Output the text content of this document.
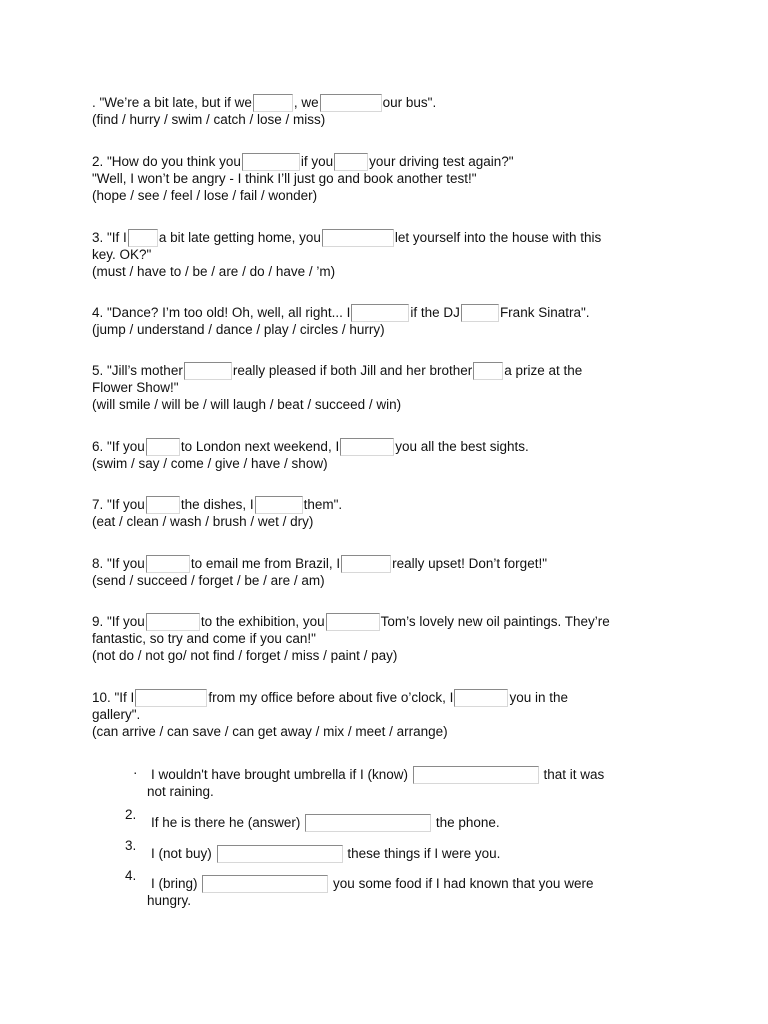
. "We’re a bit late, but if we	, we	our bus".
(find / hurry / swim / catch / lose / miss)
2. "How do you think you	if you	your driving test again?"
"Well, I won’t be angry - I think I’ll just go and book another test!"
(hope / see / feel / lose / fail / wonder)
3. "If I a bit late getting home, you	let yourself into the house with this
key. OK?"
(must / have to / be / are / do / have / ’m)
4. "Dance? I’m too old! Oh, well, all right... I	if the DJ	Frank Sinatra".
(jump / understand / dance / play / circles / hurry)
5. "Jill’s mother	really pleased if both Jill and her brother a prize at the
Flower Show!"
(will smile / will be / will laugh / beat / succeed / win)
6. "If you	to London next weekend, I	you all the best sights.
(swim / say / come / give / have / show)
7. "If you	the dishes, I	them".
(eat / clean / wash / brush / wet / dry)
8. "If you	to email me from Brazil, I	really upset! Don’t forget!"
(send / succeed / forget / be / are / am)
9. "If you	to the exhibition, you	Tom’s lovely new oil paintings. They’re
fantastic, so try and come if you can!"
(not do / not go/ not find / forget / miss / paint / pay)
10. "If I	from my office before about five o’clock, I	you in the
gallery".
(can arrive / can save / can get away / mix / meet / arrange)
· I wouldn't have brought umbrella if I (know)	that it was
not raining.
2.
If he is there he (answer)	the phone.
3.
I (not buy)	these things if I were you.
4.
I (bring)	you some food if I had known that you were
hungry.
